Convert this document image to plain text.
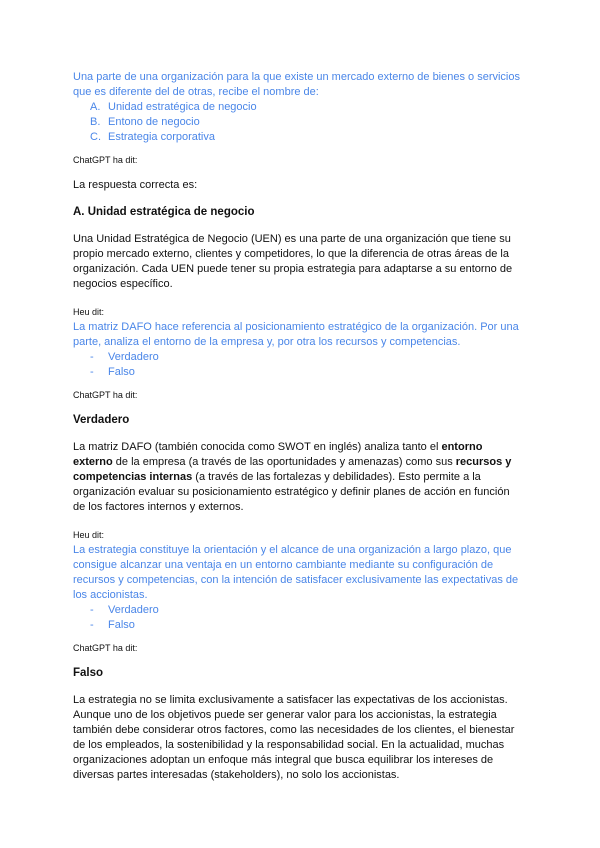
Una parte de una organización para la que existe un mercado externo de bienes o servicios que es diferente del de otras, recibe el nombre de:

A. Unidad estratégica de negocio
B. Entono de negocio
C. Estrategia corporativa

ChatGPT ha dit:

La respuesta correcta es:

A. Unidad estratégica de negocio

Una Unidad Estratégica de Negocio (UEN) es una parte de una organización que tiene su propio mercado externo, clientes y competidores, lo que la diferencia de otras áreas de la organización. Cada UEN puede tener su propia estrategia para adaptarse a su entorno de negocios específico.

Heu dit:

La matriz DAFO hace referencia al posicionamiento estratégico de la organización. Por una parte, analiza el entorno de la empresa y, por otra los recursos y competencias.

-	Verdadero
-	Falso

ChatGPT ha dit:

Verdadero

La matriz DAFO (también conocida como SWOT en inglés) analiza tanto el entorno externo de la empresa (a través de las oportunidades y amenazas) como sus recursos y competencias internas (a través de las fortalezas y debilidades). Esto permite a la organización evaluar su posicionamiento estratégico y definir planes de acción en función de los factores internos y externos.

Heu dit:

La estrategia constituye la orientación y el alcance de una organización a largo plazo, que consigue alcanzar una ventaja en un entorno cambiante mediante su configuración de recursos y competencias, con la intención de satisfacer exclusivamente las expectativas de los accionistas.

-	Verdadero
-	Falso

ChatGPT ha dit:

Falso

La estrategia no se limita exclusivamente a satisfacer las expectativas de los accionistas. Aunque uno de los objetivos puede ser generar valor para los accionistas, la estrategia también debe considerar otros factores, como las necesidades de los clientes, el bienestar de los empleados, la sostenibilidad y la responsabilidad social. En la actualidad, muchas organizaciones adoptan un enfoque más integral que busca equilibrar los intereses de diversas partes interesadas (stakeholders), no solo los accionistas.
